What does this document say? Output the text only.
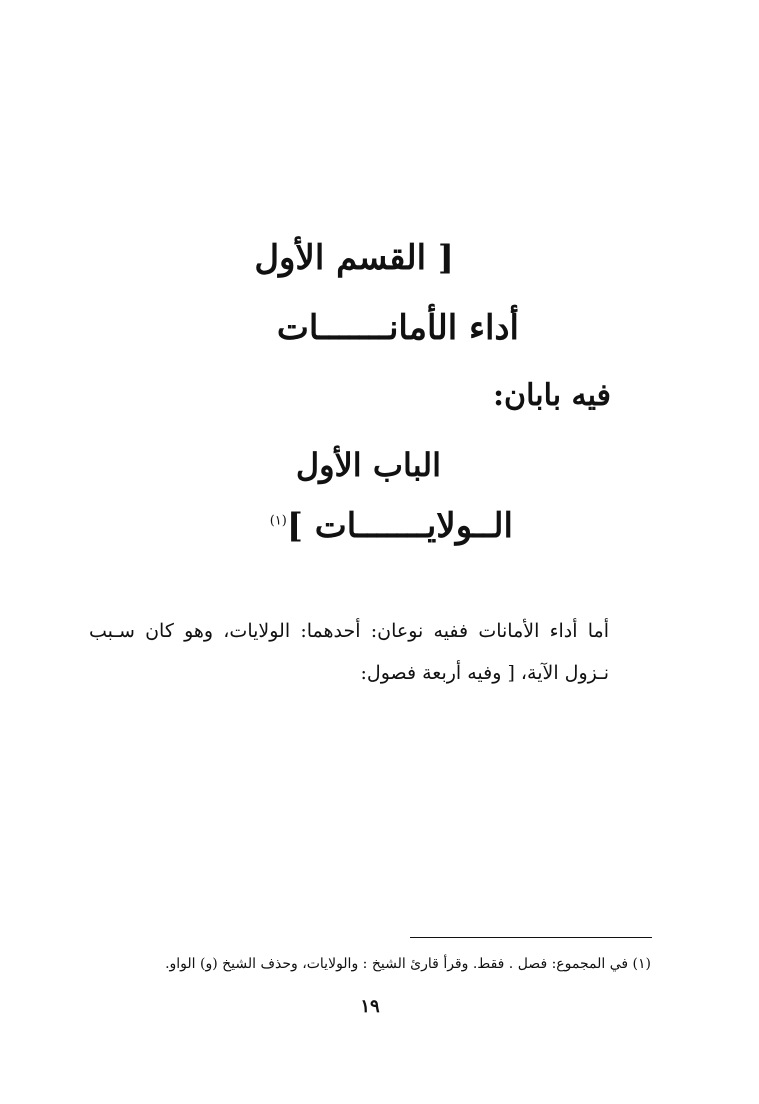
[ القسم الأول
أداء الأمانـــــــات
فيه بابان:
الباب الأول
الــولايـــــــات ]$^{(١)}$

أما أداء الأمانات ففيه نوعان: أحدهما: الولايات، وهو كان سـبب نـزول الآية، [ وفيه أربعة فصول:

(١) في المجموع: فصل . فقط. وقرأ قارئ الشيخ : والولايات، وحذف الشيخ (و) الواو.
١٩
